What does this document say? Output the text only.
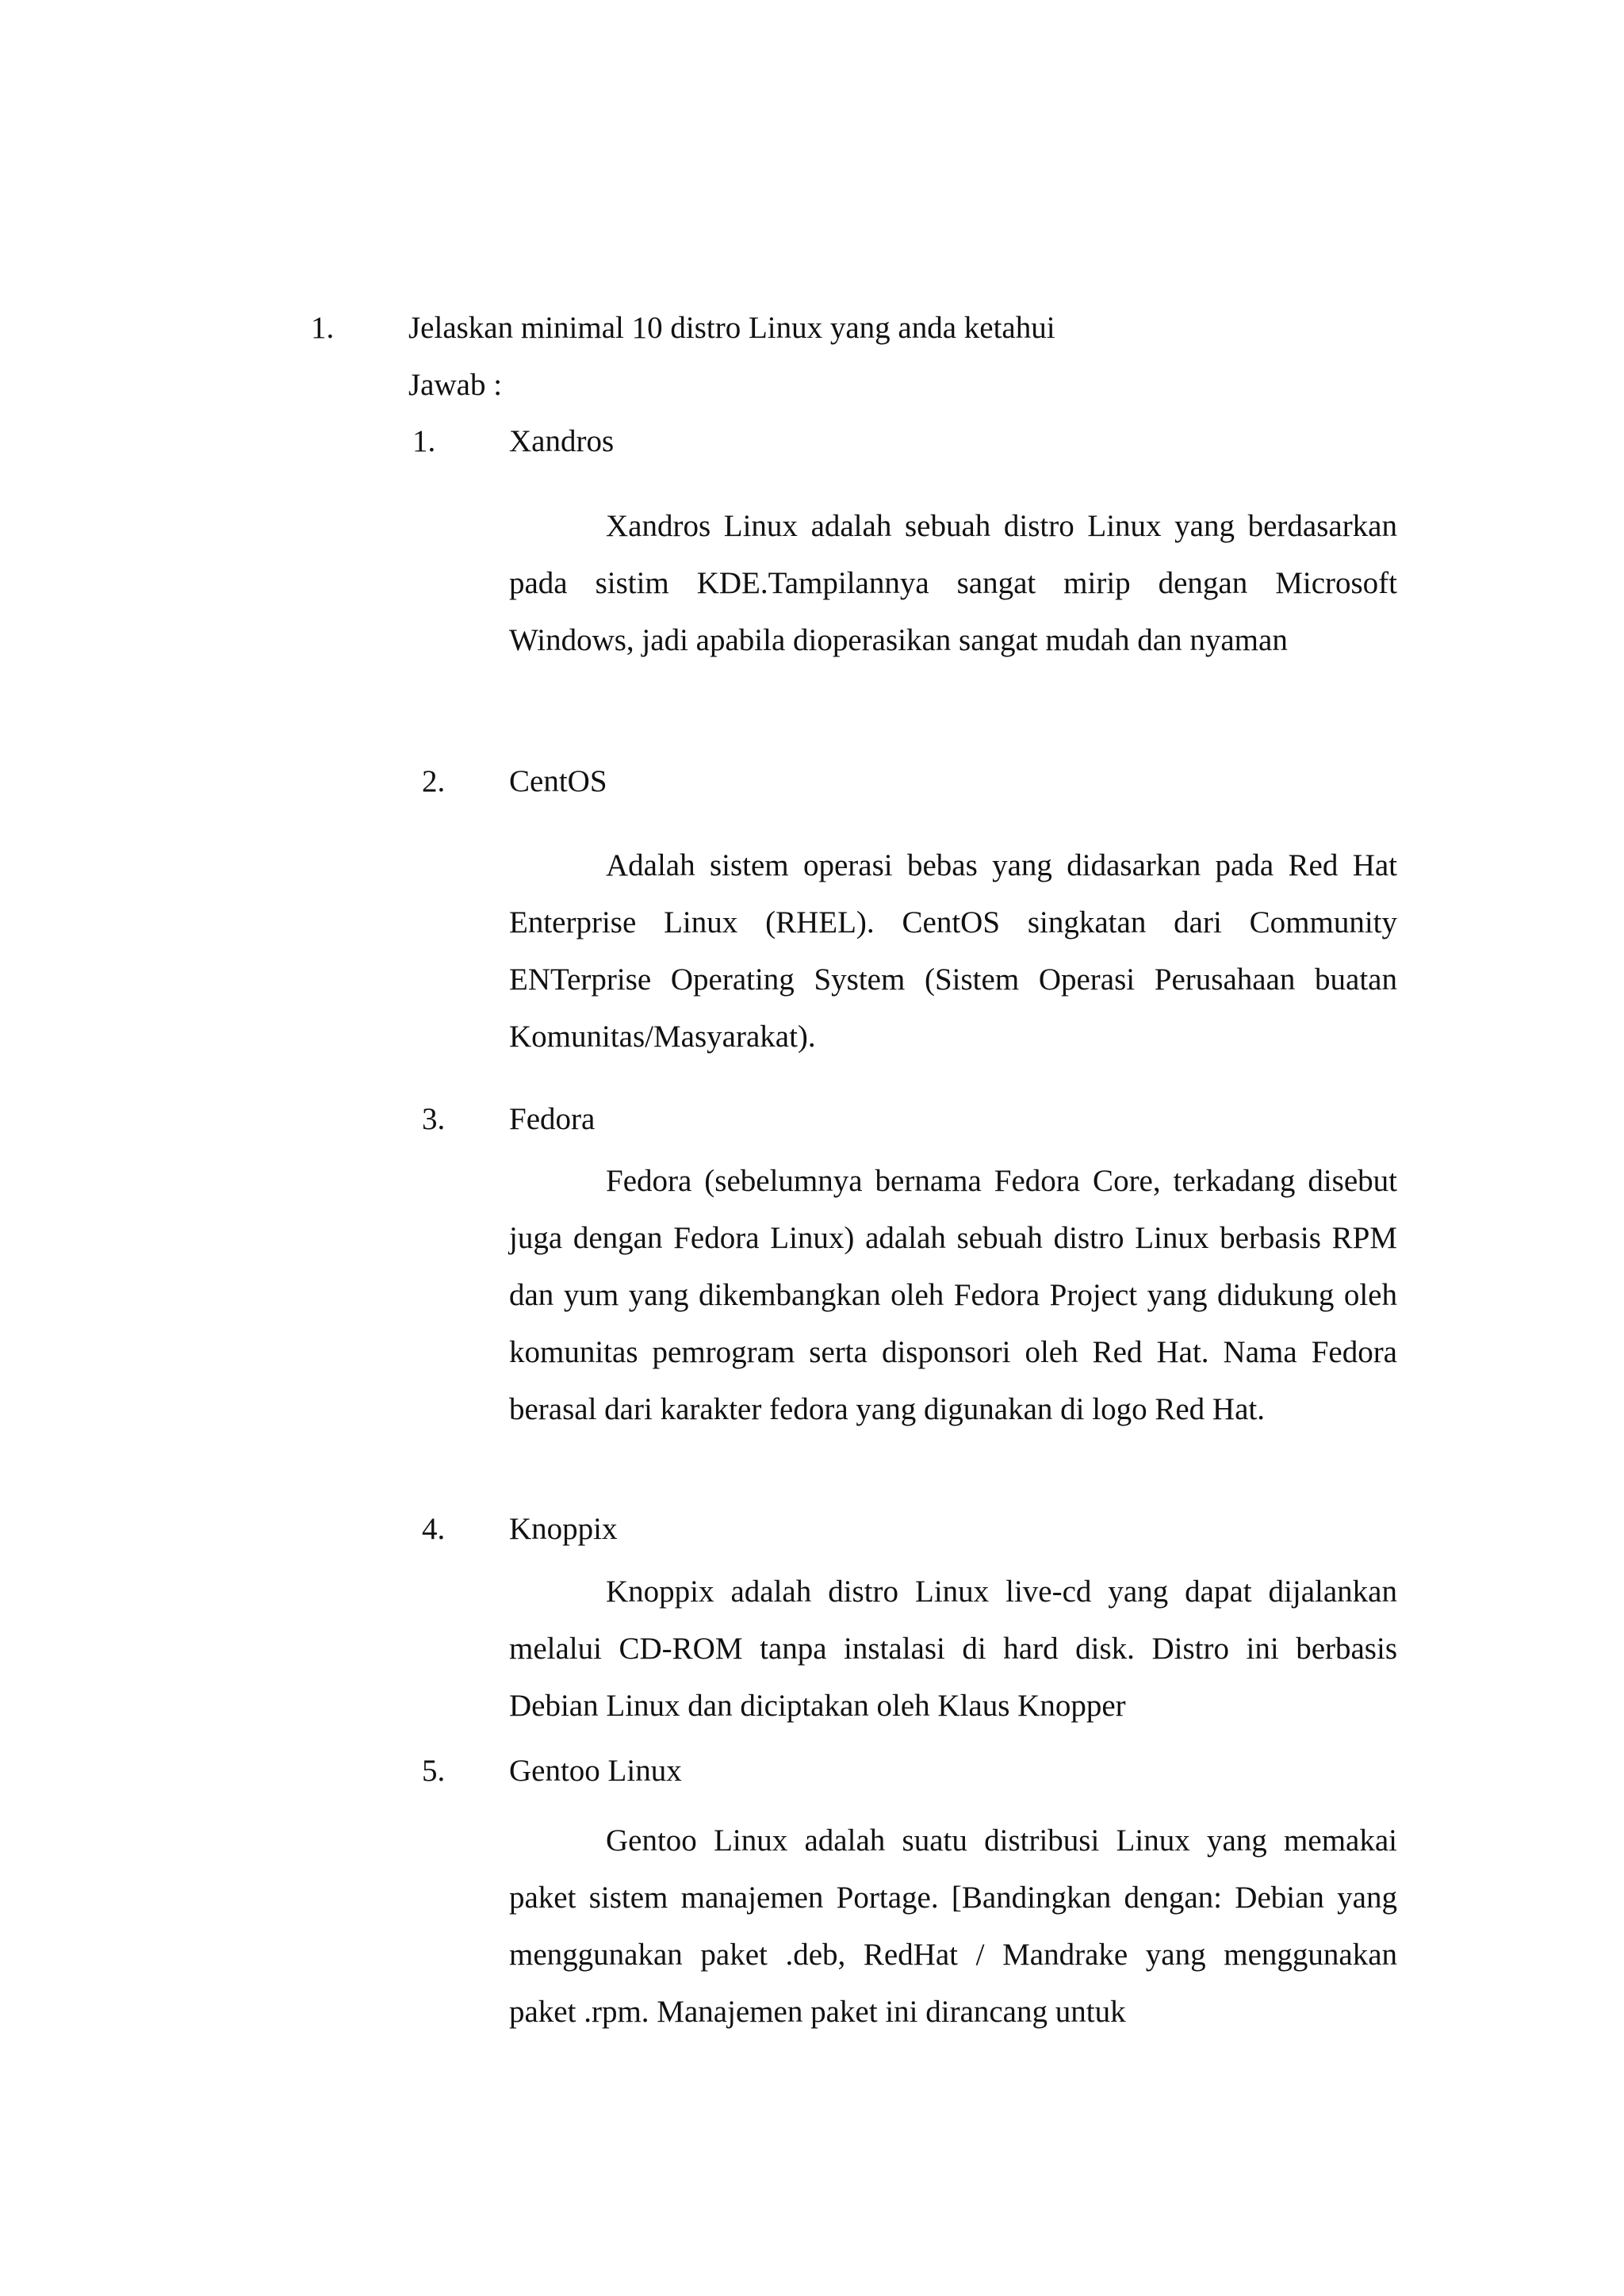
1. Jelaskan minimal 10 distro Linux yang anda ketahui
Jawab :
1. Xandros

Xandros Linux adalah sebuah distro Linux yang berdasarkan pada sistim KDE.Tampilannya sangat mirip dengan Microsoft Windows, jadi apabila dioperasikan sangat mudah dan nyaman

2. CentOS

Adalah sistem operasi bebas yang didasarkan pada Red Hat Enterprise Linux (RHEL). CentOS singkatan dari Community ENTerprise Operating System (Sistem Operasi Perusahaan buatan Komunitas/Masyarakat).

3. Fedora

Fedora (sebelumnya bernama Fedora Core, terkadang disebut juga dengan Fedora Linux) adalah sebuah distro Linux berbasis RPM dan yum yang dikembangkan oleh Fedora Project yang didukung oleh komunitas pemrogram serta disponsori oleh Red Hat. Nama Fedora berasal dari karakter fedora yang digunakan di logo Red Hat.

4. Knoppix

Knoppix adalah distro Linux live-cd yang dapat dijalankan melalui CD-ROM tanpa instalasi di hard disk. Distro ini berbasis Debian Linux dan diciptakan oleh Klaus Knopper

5. Gentoo Linux

Gentoo Linux adalah suatu distribusi Linux yang memakai paket sistem manajemen Portage. [Bandingkan dengan: Debian yang menggunakan paket .deb, RedHat / Mandrake yang menggunakan paket .rpm. Manajemen paket ini dirancang untuk
